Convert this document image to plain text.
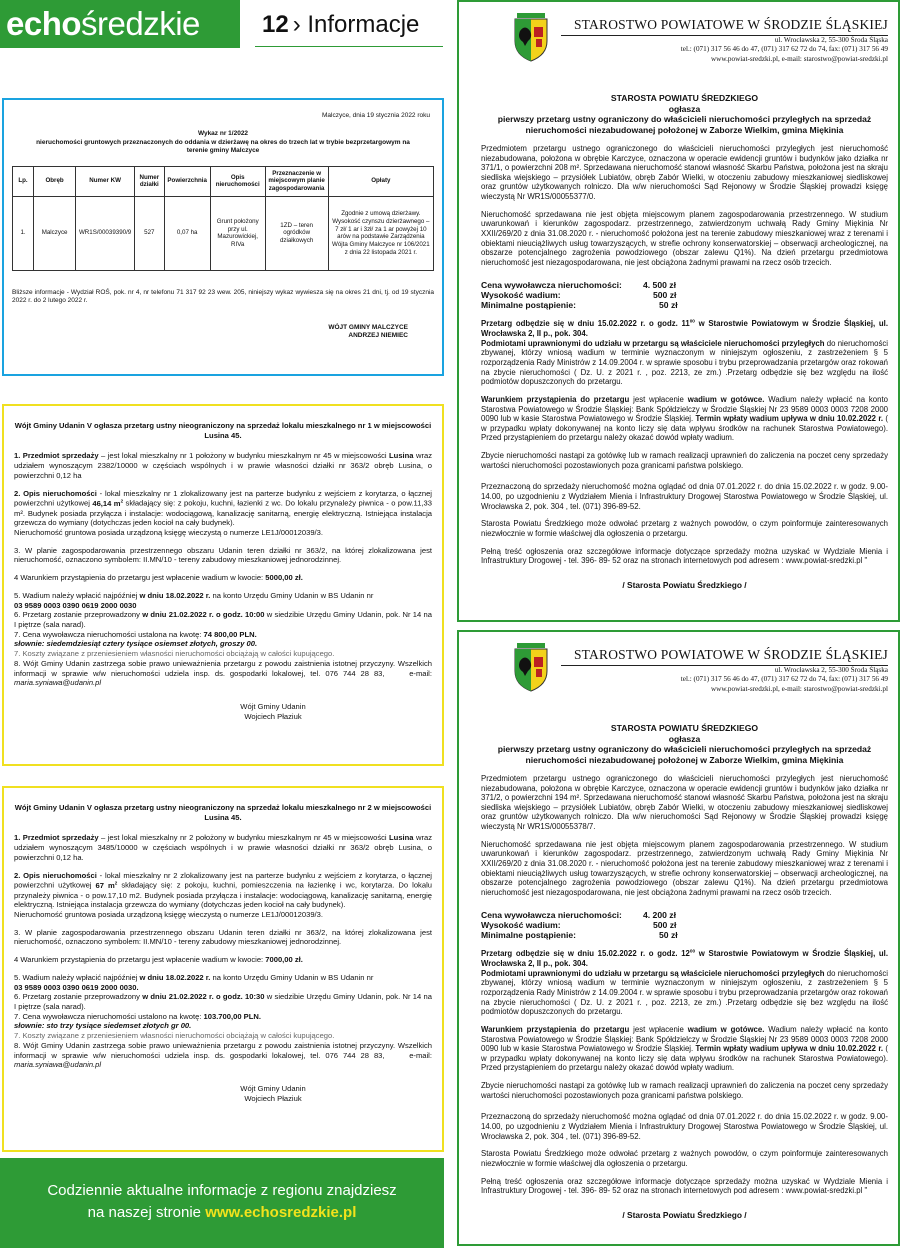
echośredzkie	12 › Informacje

Malczyce, dnia 19 stycznia 2022 roku

Wykaz nr 1/2022

nieruchomości gruntowych przeznaczonych do oddania w dzierżawę na okres do trzech lat w trybie bezprzetargowym na terenie gminy Malczyce

Lp.	Obręb	Numer KW	Numer działki	Powierzchnia	Opis nieruchomości	Przeznaczenie w miejscowym planie zagospodarowania	Opłaty
1.	Malczyce	WR1S/00039390/9	527	0,07 ha	Grunt położony przy ul. Mazurowickiej, RIVa	1ZD – teren ogródków działkowych	Zgodnie z umową dzierżawy. Wysokość czynszu dzierżawnego – 7 zł/ 1 ar i 3zł/ za 1 ar powyżej 10 arów na podstawie Zarządzenia Wójta Gminy Malczyce nr 106/2021 z dnia 22 listopada 2021 r.

Bliższe informacje - Wydział ROŚ, pok. nr 4, nr telefonu 71 317 92 23 wew. 205, niniejszy wykaz wywiesza się na okres 21 dni, tj. od 19 stycznia 2022 r. do 2 lutego 2022 r.

WÓJT GMINY MALCZYCE

ANDRZEJ NIEMIEC

Wójt Gminy Udanin V ogłasza przetarg ustny nieograniczony na sprzedaż lokalu mieszkalnego nr 1 w miejscowości Lusina 45.

1. Przedmiot sprzedaży – jest lokal mieszkalny nr 1 położony w budynku mieszkalnym nr 45 w miejscowości Lusina wraz udziałem wynoszącym 2382/10000 w częściach wspólnych i w prawie własności działki nr 363/2 obręb Lusina, o powierzchni 0,12 ha

2. Opis nieruchomości - lokal mieszkalny nr 1 zlokalizowany jest na parterze budynku z wejściem z korytarza, o łącznej powierzchni użytkowej 46,14 $m^2$ składający się: z pokoju, kuchni, łazienki z wc. Do lokalu przynależy piwnica - o pow.11,33 m². Budynek posiada przyłącza i instalacje: wodociągową, kanalizację sanitarną, energię elektryczną. Istniejąca instalacja grzewcza do wymiany (dotychczas jeden kocioł na cały budynek).

Nieruchomość gruntowa posiada urządzoną księgę wieczystą o numerze LE1J/00012039/3.

3. W planie zagospodarowania przestrzennego obszaru Udanin teren działki nr 363/2, na której zlokalizowana jest nieruchomość, oznaczono symbolem: II.MN/10 - tereny zabudowy mieszkaniowej jednorodzinnej.

4 Warunkiem przystąpienia do przetargu jest wpłacenie wadium w kwocie: 5000,00 zł.

5. Wadium należy wpłacić najpóźniej w dniu 18.02.2022 r. na konto Urzędu Gminy Udanin w BS Udanin nr

03 9589 0003 0390 0619 2000 0030

6. Przetarg zostanie przeprowadzony w dniu 21.02.2022 r. o godz. 10:00 w siedzibie Urzędu Gminy Udanin, pok. Nr 14 na I piętrze (sala narad).

7. Cena wywoławcza nieruchomości ustalona na kwotę: 74 800,00 PLN.

słownie: siedemdziesiąt cztery tysiące osiemset złotych, groszy 00.

7. Koszty związane z przeniesieniem własności nieruchomości obciążają w całości kupującego.

8. Wójt Gminy Udanin zastrzega sobie prawo unieważnienia przetargu z powodu zaistnienia istotnej przyczyny. Wszelkich informacji w sprawie w/w nieruchomości udziela insp. ds. gospodarki lokalowej, tel. 076 744 28 83,	e-mail: maria.syniawa@udanin.pl

Wójt Gminy Udanin

Wojciech Płaziuk

Wójt Gminy Udanin V ogłasza przetarg ustny nieograniczony na sprzedaż lokalu mieszkalnego nr 2 w miejscowości Lusina 45.

1. Przedmiot sprzedaży – jest lokal mieszkalny nr 2 położony w budynku mieszkalnym nr 45 w miejscowości Lusina wraz udziałem wynoszącym 3485/10000 w częściach wspólnych i w prawie własności działki nr 363/2 obręb Lusina, o powierzchni 0,12 ha.

2. Opis nieruchomości - lokal mieszkalny nr 2 zlokalizowany jest na parterze budynku z wejściem z korytarza, o łącznej powierzchni użytkowej 67 $m^2$ składający się: z pokoju, kuchni, pomieszczenia na łazienkę i wc, korytarza. Do lokalu przynależy piwnica - o pow.17,10 m2. Budynek posiada przyłącza i instalacje: wodociągową, kanalizację sanitarną, energię elektryczną. Istniejąca instalacja grzewcza do wymiany (dotychczas jeden kocioł na cały budynek).

Nieruchomość gruntowa posiada urządzoną księgę wieczystą o numerze LE1J/00012039/3.

3. W planie zagospodarowania przestrzennego obszaru Udanin teren działki nr 363/2, na której zlokalizowana jest nieruchomość, oznaczono symbolem: II.MN/10 - tereny zabudowy mieszkaniowej jednorodzinnej.

4 Warunkiem przystąpienia do przetargu jest wpłacenie wadium w kwocie: 7000,00 zł.

5. Wadium należy wpłacić najpóźniej w dniu 18.02.2022 r. na konto Urzędu Gminy Udanin w BS Udanin nr

03 9589 0003 0390 0619 2000 0030.

6. Przetarg zostanie przeprowadzony w dniu 21.02.2022 r. o godz. 10:30 w siedzibie Urzędu Gminy Udanin, pok. Nr 14 na I piętrze (sala narad).

7. Cena wywoławcza nieruchomości ustalono na kwotę: 103.700,00 PLN.

słownie: sto trzy tysiące siedemset złotych gr 00.

7. Koszty związane z przeniesieniem własności nieruchomości obciążają w całości kupującego.

8. Wójt Gminy Udanin zastrzega sobie prawo unieważnienia przetargu z powodu zaistnienia istotnej przyczyny. Wszelkich informacji w sprawie w/w nieruchomości udziela insp. ds. gospodarki lokalowej, tel. 076 744 28 83,	e-mail: maria.syniawa@udanin.pl

Wójt Gminy Udanin

Wojciech Płaziuk

STAROSTWO POWIATOWE W ŚRODZIE ŚLĄSKIEJ

ul. Wrocławska 2, 55-300 Środa Śląska

tel.: (071) 317 56 46 do 47, (071) 317 62 72 do 74, fax: (071) 317 56 49

www.powiat-sredzki.pl, e-mail: starostwo@powiat-sredzki.pl

STAROSTA POWIATU ŚREDZKIEGO

ogłasza

pierwszy przetarg ustny ograniczony do właścicieli nieruchomości przyległych na sprzedaż nieruchomości niezabudowanej położonej w Zaborze Wielkim, gmina Miękinia

Przedmiotem przetargu ustnego ograniczonego do właścicieli nieruchomości przyległych jest nieruchomość niezabudowana, położona w obrębie Karczyce, oznaczona w operacie ewidencji gruntów i budynków jako działka nr 371/1, o powierzchni 208 m². Sprzedawana nieruchomość stanowi własność Skarbu Państwa, położona jest na skraju siedliska wiejskiego – przysiółek Lubiatów, obręb Zabór Wielki, w otoczeniu zabudowy mieszkaniowej siedliskowej oraz gruntów użytkowanych rolniczo. Dla w/w nieruchomości Sąd Rejonowy w Środzie Śląskiej prowadzi księgę wieczystą Nr WR1S/00055377/0.

Nieruchomość sprzedawana nie jest objęta miejscowym planem zagospodarowania przestrzennego. W studium uwarunkowań i kierunków zagospodarz. przestrzennego, zatwierdzonym uchwałą Rady Gminy Miękinia Nr XXII/269/20 z dnia 31.08.2020 r. - nieruchomość położona jest na terenie zabudowy mieszkaniowej wraz z terenami i obiektami nieuciążliwych usług towarzyszących, w strefie ochrony konserwatorskiej – obserwacji archeologicznej, na obszarze potencjalnego zagrożenia powodziowego (obszar zalewu Q1%). Na dzień przetargu przedmiotowa nieruchomość jest niezagospodarowana, nie jest obciążona żadnymi prawami na rzecz osób trzecich.

Cena wywoławcza nieruchomości: 4. 500 zł

Wysokość wadium:	500 zł

Minimalne postąpienie:	50 zł

Przetarg odbędzie się w dniu 15.02.2022 r. o godz. $11^{00}$ w Starostwie Powiatowym w Środzie Śląskiej, ul. Wrocławska 2, II p., pok. 304.

Podmiotami uprawnionymi do udziału w przetargu są właściciele nieruchomości przyległych do nieruchomości zbywanej, którzy wniosą wadium w terminie wyznaczonym w niniejszym ogłoszeniu, z zastrzeżeniem § 5 rozporządzenia Rady Ministrów z 14.09.2004 r. w sprawie sposobu i trybu przeprowadzania przetargów oraz rokowań na zbycie nieruchomości ( Dz. U. z 2021 r. , poz. 2213, ze zm.) .Przetarg odbędzie się bez względu na ilość podmiotów dopuszczonych do przetargu.

Warunkiem przystąpienia do przetargu jest wpłacenie wadium w gotówce. Wadium należy wpłacić na konto Starostwa Powiatowego w Środzie Śląskiej: Bank Spółdzielczy w Środzie Śląskiej Nr 23 9589 0003 0003 7208 2000 0090 lub w kasie Starostwa Powiatowego w Środzie Śląskiej. Termin wpłaty wadium upływa w dniu 10.02.2022 r. ( w przypadku wpłaty dokonywanej na konto liczy się data wpływu środków na rachunek Starostwa Powiatowego). Przed przystąpieniem do przetargu należy okazać dowód wpłaty wadium.

Zbycie nieruchomości nastąpi za gotówkę lub w ramach realizacji uprawnień do zaliczenia na poczet ceny sprzedaży wartości nieruchomości pozostawionych poza granicami państwa polskiego.

Przeznaczoną do sprzedaży nieruchomość można oglądać od dnia 07.01.2022 r. do dnia 15.02.2022 r. w godz. 9.00-14.00, po uzgodnieniu z Wydziałem Mienia i Infrastruktury Drogowej Starostwa Powiatowego w Środzie Śląskiej, ul. Wrocławska 2, pok. 304 , tel. (071) 396-89-52.

Starosta Powiatu Średzkiego może odwołać przetarg z ważnych powodów, o czym poinformuje zainteresowanych niezwłocznie w formie właściwej dla ogłoszenia o przetargu.

Pełną treść ogłoszenia oraz szczegółowe informacje dotyczące sprzedaży można uzyskać w Wydziale Mienia i Infrastruktury Drogowej - tel. 396- 89- 52 oraz na stronach internetowych pod adresem : www.powiat-sredzki.pl "

/ Starosta Powiatu Średzkiego /

STAROSTWO POWIATOWE W ŚRODZIE ŚLĄSKIEJ

ul. Wrocławska 2, 55-300 Środa Śląska

tel.: (071) 317 56 46 do 47, (071) 317 62 72 do 74, fax: (071) 317 56 49

www.powiat-sredzki.pl, e-mail: starostwo@powiat-sredzki.pl

STAROSTA POWIATU ŚREDZKIEGO

ogłasza

pierwszy przetarg ustny ograniczony do właścicieli nieruchomości przyległych na sprzedaż nieruchomości niezabudowanej położonej w Zaborze Wielkim, gmina Miękinia

Przedmiotem przetargu ustnego ograniczonego do właścicieli nieruchomości przyległych jest nieruchomość niezabudowana, położona w obrębie Karczyce, oznaczona w operacie ewidencji gruntów i budynków jako działka nr 371/2, o powierzchni 194 m². Sprzedawana nieruchomość stanowi własność Skarbu Państwa, położona jest na skraju siedliska wiejskiego – przysiółek Lubiatów, obręb Zabór Wielki, w otoczeniu zabudowy mieszkaniowej siedliskowej oraz gruntów użytkowanych rolniczo. Dla w/w nieruchomości Sąd Rejonowy w Środzie Śląskiej prowadzi księgę wieczystą Nr WR1S/00055378/7.

Nieruchomość sprzedawana nie jest objęta miejscowym planem zagospodarowania przestrzennego. W studium uwarunkowań i kierunków zagospodarz. przestrzennego, zatwierdzonym uchwałą Rady Gminy Miękinia Nr XXII/269/20 z dnia 31.08.2020 r. - nieruchomość położona jest na terenie zabudowy mieszkaniowej wraz z terenami i obiektami nieuciążliwych usług towarzyszących, w strefie ochrony konserwatorskiej – obserwacji archeologicznej, na obszarze potencjalnego zagrożenia powodziowego (obszar zalewu Q1%). Na dzień przetargu przedmiotowa nieruchomość jest niezagospodarowana, nie jest obciążona żadnymi prawami na rzecz osób trzecich.

Cena wywoławcza nieruchomości: 4. 200 zł

Wysokość wadium:	500 zł

Minimalne postąpienie:	50 zł

Przetarg odbędzie się w dniu 15.02.2022 r. o godz. $12^{00}$ w Starostwie Powiatowym w Środzie Śląskiej, ul. Wrocławska 2, II p., pok. 304.

Podmiotami uprawnionymi do udziału w przetargu są właściciele nieruchomości przyległych do nieruchomości zbywanej, którzy wniosą wadium w terminie wyznaczonym w niniejszym ogłoszeniu, z zastrzeżeniem § 5 rozporządzenia Rady Ministrów z 14.09.2004 r. w sprawie sposobu i trybu przeprowadzania przetargów oraz rokowań na zbycie nieruchomości ( Dz. U. z 2021 r. , poz. 2213, ze zm.) .Przetarg odbędzie się bez względu na ilość podmiotów dopuszczonych do przetargu.

Warunkiem przystąpienia do przetargu jest wpłacenie wadium w gotówce. Wadium należy wpłacić na konto Starostwa Powiatowego w Środzie Śląskiej: Bank Spółdzielczy w Środzie Śląskiej Nr 23 9589 0003 0003 7208 2000 0090 lub w kasie Starostwa Powiatowego w Środzie Śląskiej. Termin wpłaty wadium upływa w dniu 10.02.2022 r. ( w przypadku wpłaty dokonywanej na konto liczy się data wpływu środków na rachunek Starostwa Powiatowego). Przed przystąpieniem do przetargu należy okazać dowód wpłaty wadium.

Zbycie nieruchomości nastąpi za gotówkę lub w ramach realizacji uprawnień do zaliczenia na poczet ceny sprzedaży wartości nieruchomości pozostawionych poza granicami państwa polskiego.

Przeznaczoną do sprzedaży nieruchomość można oglądać od dnia 07.01.2022 r. do dnia 15.02.2022 r. w godz. 9.00-14.00, po uzgodnieniu z Wydziałem Mienia i Infrastruktury Drogowej Starostwa Powiatowego w Środzie Śląskiej, ul. Wrocławska 2, pok. 304 , tel. (071) 396-89-52.

Starosta Powiatu Średzkiego może odwołać przetarg z ważnych powodów, o czym poinformuje zainteresowanych niezwłocznie w formie właściwej dla ogłoszenia o przetargu.

Pełną treść ogłoszenia oraz szczegółowe informacje dotyczące sprzedaży można uzyskać w Wydziale Mienia i Infrastruktury Drogowej - tel. 396- 89- 52 oraz na stronach internetowych pod adresem : www.powiat-sredzki.pl "

/ Starosta Powiatu Średzkiego /

Codziennie aktualne informacje z regionu znajdziesz

na naszej stronie www.echosredzkie.pl
